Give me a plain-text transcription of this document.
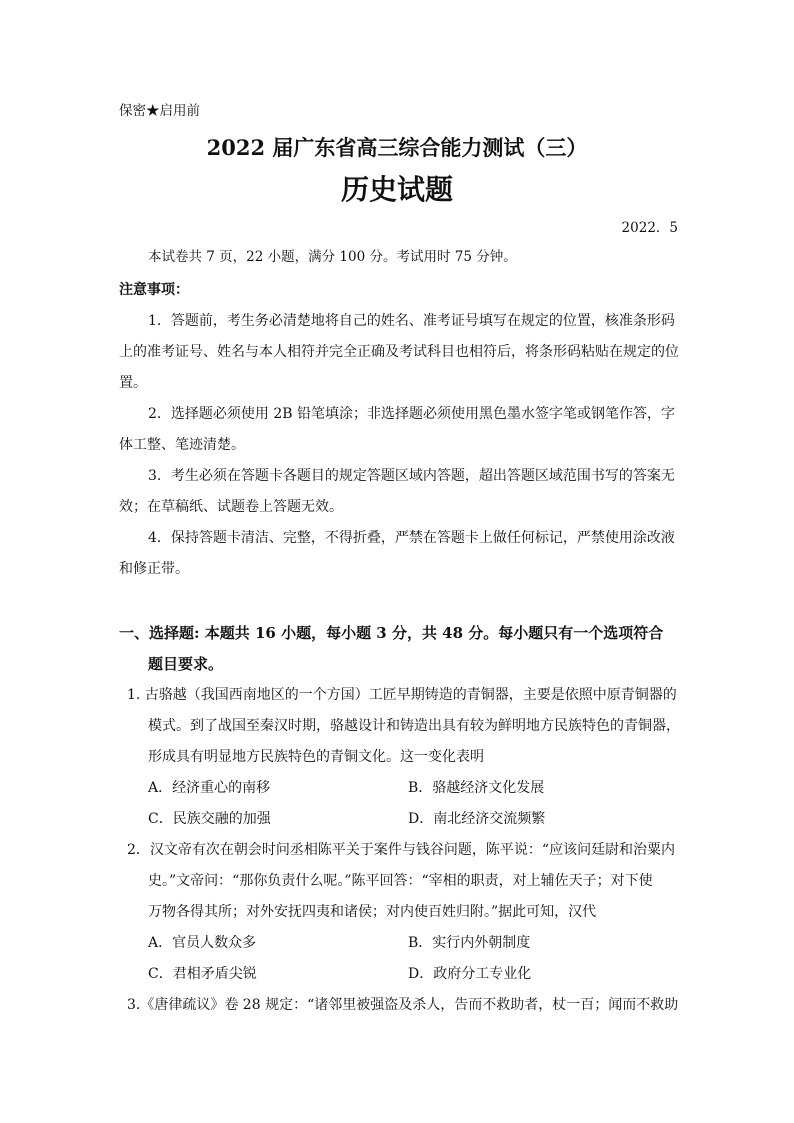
保密★启用前
2022 届广东省高三综合能力测试（三）
历史试题
2022．5
本试卷共 7 页，22 小题，满分 100 分。考试用时 75 分钟。
注意事项：
1．答题前，考生务必清楚地将自己的姓名、准考证号填写在规定的位置，核准条形码
上的准考证号、姓名与本人相符并完全正确及考试科目也相符后，将条形码粘贴在规定的位
置。
2．选择题必须使用 2B 铅笔填涂；非选择题必须使用黑色墨水签字笔或钢笔作答，字
体工整、笔迹清楚。
3．考生必须在答题卡各题目的规定答题区域内答题，超出答题区域范围书写的答案无
效；在草稿纸、试题卷上答题无效。
4．保持答题卡清洁、完整，不得折叠，严禁在答题卡上做任何标记，严禁使用涂改液
和修正带。
一、选择题: 本题共 16 小题，每小题 3 分，共 48 分。每小题只有一个选项符合
题目要求。
1. 古骆越（我国西南地区的一个方国）工匠早期铸造的青铜器，主要是依照中原青铜器的
模式。到了战国至秦汉时期，骆越设计和铸造出具有较为鲜明地方民族特色的青铜器，
形成具有明显地方民族特色的青铜文化。这一变化表明
A．经济重心的南移	B．骆越经济文化发展
C．民族交融的加强	D．南北经济交流频繁
2．汉文帝有次在朝会时问丞相陈平关于案件与钱谷问题，陈平说：“应该问廷尉和治粟内
史。”文帝问：“那你负责什么呢。”陈平回答：“宰相的职责，对上辅佐天子；对下使
万物各得其所；对外安抚四夷和诸侯；对内使百姓归附。”据此可知，汉代
A．官员人数众多	B．实行内外朝制度
C．君相矛盾尖锐	D．政府分工专业化
3.《唐律疏议》卷 28 规定：“诸邻里被强盗及杀人，告而不救助者，杖一百；闻而不救助
